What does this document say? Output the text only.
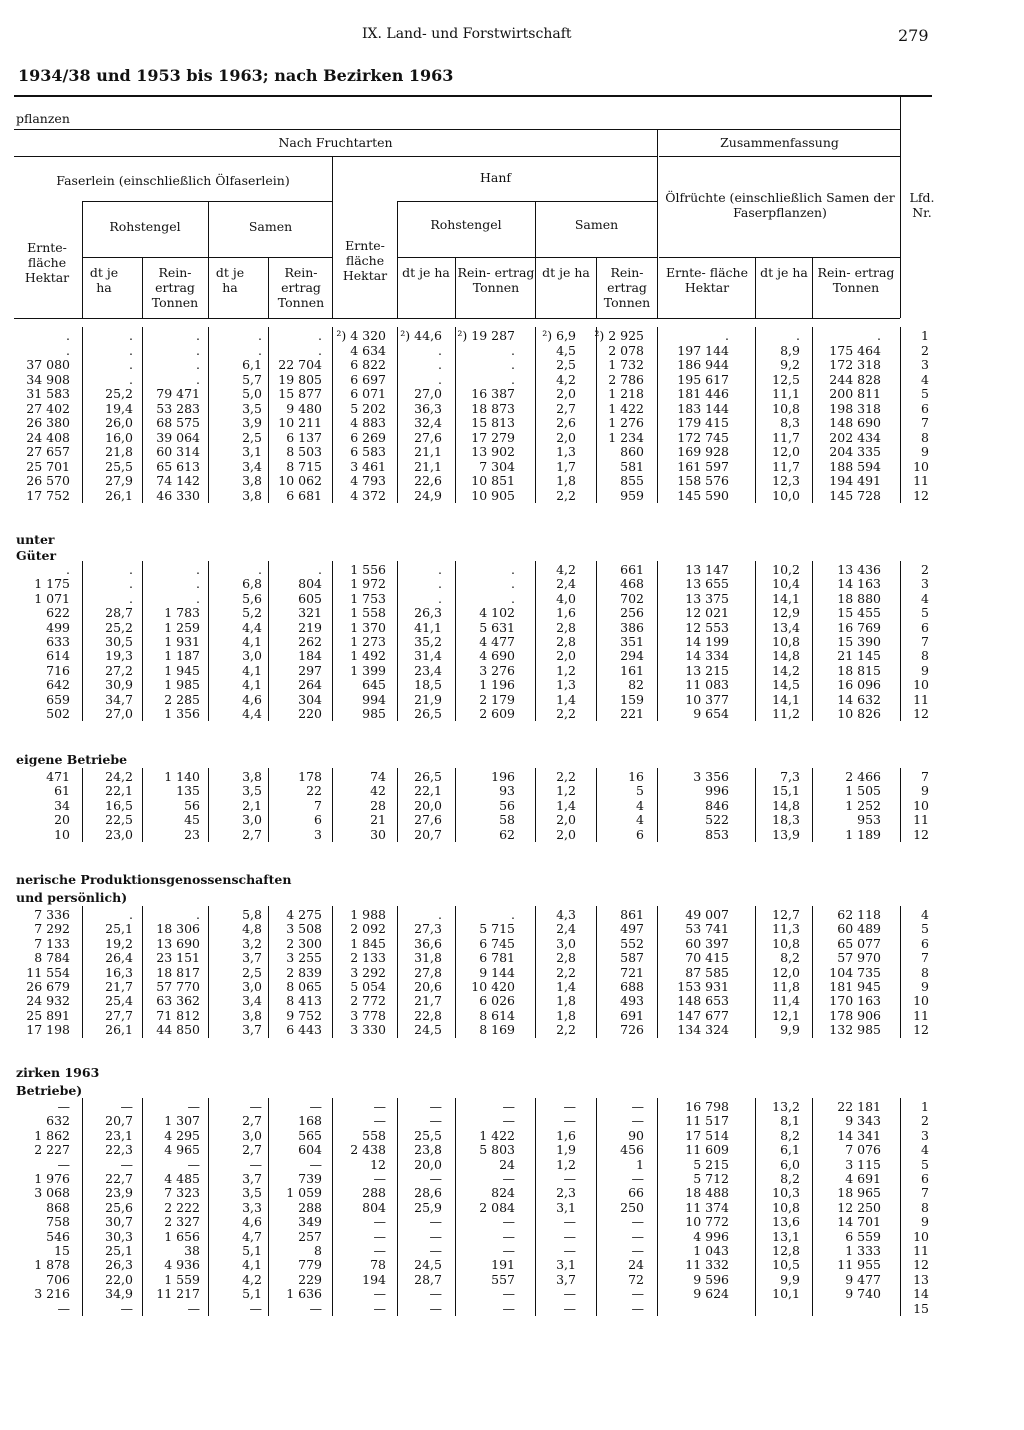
IX. Land- und Forstwirtschaft	279
1934/38 und 1953 bis 1963; nach Bezirken 1963
pflanzen
Nach Fruchtarten	Zusammenfassung
Faserlein (einschließlich Ölfaserlein)	Hanf
Ölfrüchte (einschließlich Samen der Faserpflanzen)
Lfd. Nr.
Rohstengel	Samen	Rohstengel	Samen
Ernte- fläche Hektar	dt je ha
Rein- ertrag Tonnen
dt je ha
Rein- ertrag Tonnen
Ernte- fläche Hektar	dt je ha Rein- ertrag Tonnen
dt je ha	Rein- ertrag Tonnen
Ernte- fläche Hektar
dt je ha Rein- ertrag Tonnen
.	.	.	.	.	²) 4 320	²) 44,6	²) 19 287	²) 6,9	²) 2 925	.	.	.	1
.	.	.	.	.	4 634	.	.	4,5	2 078	197 144	8,9	175 464	2
37 080	.	.	6,1	22 704	6 822	.	.	2,5	1 732	186 944	9,2	172 318	3
34 908	.	.	5,7	19 805	6 697	.	.	4,2	2 786	195 617	12,5	244 828	4
31 583	25,2	79 471	5,0	15 877	6 071	27,0	16 387	2,0	1 218	181 446	11,1	200 811	5
27 402	19,4	53 283	3,5	9 480	5 202	36,3	18 873	2,7	1 422	183 144	10,8	198 318	6
26 380	26,0	68 575	3,9	10 211	4 883	32,4	15 813	2,6	1 276	179 415	8,3	148 690	7
24 408	16,0	39 064	2,5	6 137	6 269	27,6	17 279	2,0	1 234	172 745	11,7	202 434	8
27 657	21,8	60 314	3,1	8 503	6 583	21,1	13 902	1,3	860	169 928	12,0	204 335	9
25 701	25,5	65 613	3,4	8 715	3 461	21,1	7 304	1,7	581	161 597	11,7	188 594	10
26 570	27,9	74 142	3,8	10 062	4 793	22,6	10 851	1,8	855	158 576	12,3	194 491	11
17 752	26,1	46 330	3,8	6 681	4 372	24,9	10 905	2,2	959	145 590	10,0	145 728	12
unter
Güter
.	.	.	.	.	1 556	.	.	4,2	661	13 147	10,2	13 436	2
1 175	.	.	6,8	804	1 972	.	.	2,4	468	13 655	10,4	14 163	3
1 071	.	.	5,6	605	1 753	.	.	4,0	702	13 375	14,1	18 880	4
622	28,7	1 783	5,2	321	1 558	26,3	4 102	1,6	256	12 021	12,9	15 455	5
499	25,2	1 259	4,4	219	1 370	41,1	5 631	2,8	386	12 553	13,4	16 769	6
633	30,5	1 931	4,1	262	1 273	35,2	4 477	2,8	351	14 199	10,8	15 390	7
614	19,3	1 187	3,0	184	1 492	31,4	4 690	2,0	294	14 334	14,8	21 145	8
716	27,2	1 945	4,1	297	1 399	23,4	3 276	1,2	161	13 215	14,2	18 815	9
642	30,9	1 985	4,1	264	645	18,5	1 196	1,3	82	11 083	14,5	16 096	10
659	34,7	2 285	4,6	304	994	21,9	2 179	1,4	159	10 377	14,1	14 632	11
502	27,0	1 356	4,4	220	985	26,5	2 609	2,2	221	9 654	11,2	10 826	12
eigene Betriebe
471	24,2	1 140	3,8	178	74	26,5	196	2,2	16	3 356	7,3	2 466	7
61	22,1	135	3,5	22	42	22,1	93	1,2	5	996	15,1	1 505	9
34	16,5	56	2,1	7	28	20,0	56	1,4	4	846	14,8	1 252	10
20	22,5	45	3,0	6	21	27,6	58	2,0	4	522	18,3	953	11
10	23,0	23	2,7	3	30	20,7	62	2,0	6	853	13,9	1 189	12
nerische Produktionsgenossenschaften
und persönlich)
7 336	.	.	5,8	4 275	1 988	.	.	4,3	861	49 007	12,7	62 118	4
7 292	25,1	18 306	4,8	3 508	2 092	27,3	5 715	2,4	497	53 741	11,3	60 489	5
7 133	19,2	13 690	3,2	2 300	1 845	36,6	6 745	3,0	552	60 397	10,8	65 077	6
8 784	26,4	23 151	3,7	3 255	2 133	31,8	6 781	2,8	587	70 415	8,2	57 970	7
11 554	16,3	18 817	2,5	2 839	3 292	27,8	9 144	2,2	721	87 585	12,0	104 735	8
26 679	21,7	57 770	3,0	8 065	5 054	20,6	10 420	1,4	688	153 931	11,8	181 945	9
24 932	25,4	63 362	3,4	8 413	2 772	21,7	6 026	1,8	493	148 653	11,4	170 163	10
25 891	27,7	71 812	3,8	9 752	3 778	22,8	8 614	1,8	691	147 677	12,1	178 906	11
17 198	26,1	44 850	3,7	6 443	3 330	24,5	8 169	2,2	726	134 324	9,9	132 985	12
zirken 1963
Betriebe)
—	—	—	—	—	—	—	—	—	—	16 798	13,2	22 181	1
632	20,7	1 307	2,7	168	—	—	—	—	—	11 517	8,1	9 343	2
1 862	23,1	4 295	3,0	565	558	25,5	1 422	1,6	90	17 514	8,2	14 341	3
2 227	22,3	4 965	2,7	604	2 438	23,8	5 803	1,9	456	11 609	6,1	7 076	4
—	—	—	—	—	12	20,0	24	1,2	1	5 215	6,0	3 115	5
1 976	22,7	4 485	3,7	739	—	—	—	—	—	5 712	8,2	4 691	6
3 068	23,9	7 323	3,5	1 059	288	28,6	824	2,3	66	18 488	10,3	18 965	7
868	25,6	2 222	3,3	288	804	25,9	2 084	3,1	250	11 374	10,8	12 250	8
758	30,7	2 327	4,6	349	—	—	—	—	—	10 772	13,6	14 701	9
546	30,3	1 656	4,7	257	—	—	—	—	—	4 996	13,1	6 559	10
15	25,1	38	5,1	8	—	—	—	—	—	1 043	12,8	1 333	11
1 878	26,3	4 936	4,1	779	78	24,5	191	3,1	24	11 332	10,5	11 955	12
706	22,0	1 559	4,2	229	194	28,7	557	3,7	72	9 596	9,9	9 477	13
3 216	34,9	11 217	5,1	1 636	—	—	—	—	—	9 624	10,1	9 740	14
—	—	—	—	—	—	—	—	—	—	15
